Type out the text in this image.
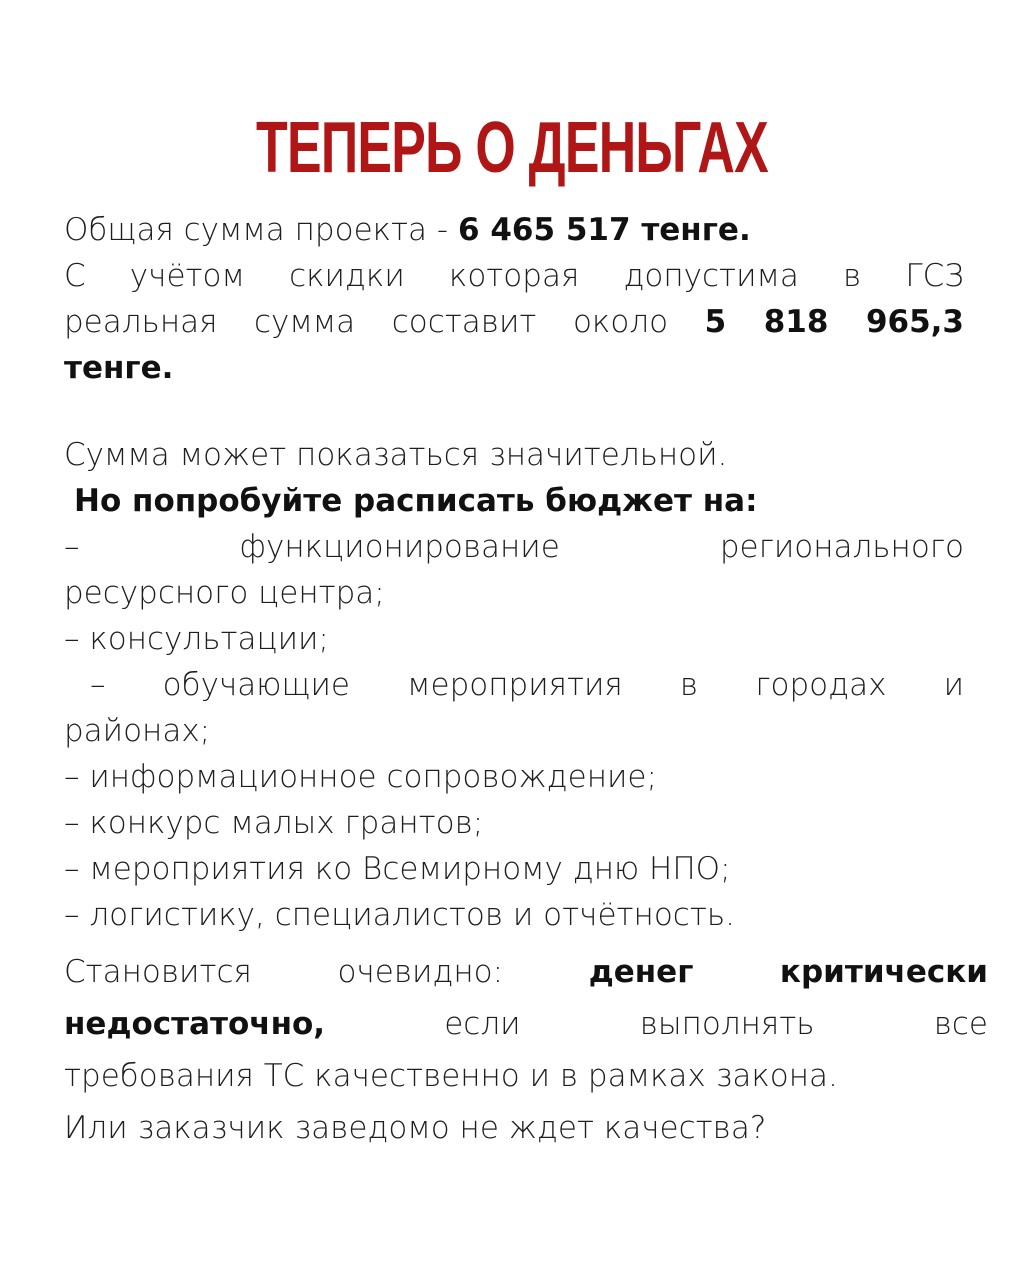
ТЕПЕРЬ О ДЕНЬГАХ
Общая сумма проекта - 6 465 517 тенге.
С учётом скидки которая допустима в ГСЗ
реальная сумма составит около 5 818 965,3
тенге.
Сумма может показаться значительной.
Но попробуйте расписать бюджет на:
– функционирование регионального
ресурсного центра;
– консультации;
– обучающие мероприятия в городах и
районах;
– информационное сопровождение;
– конкурс малых грантов;
– мероприятия ко Всемирному дню НПО;
– логистику, специалистов и отчётность.
Становится очевидно: денег критически
недостаточно, если выполнять все
требования ТС качественно и в рамках закона.
Или заказчик заведомо не ждет качества?
